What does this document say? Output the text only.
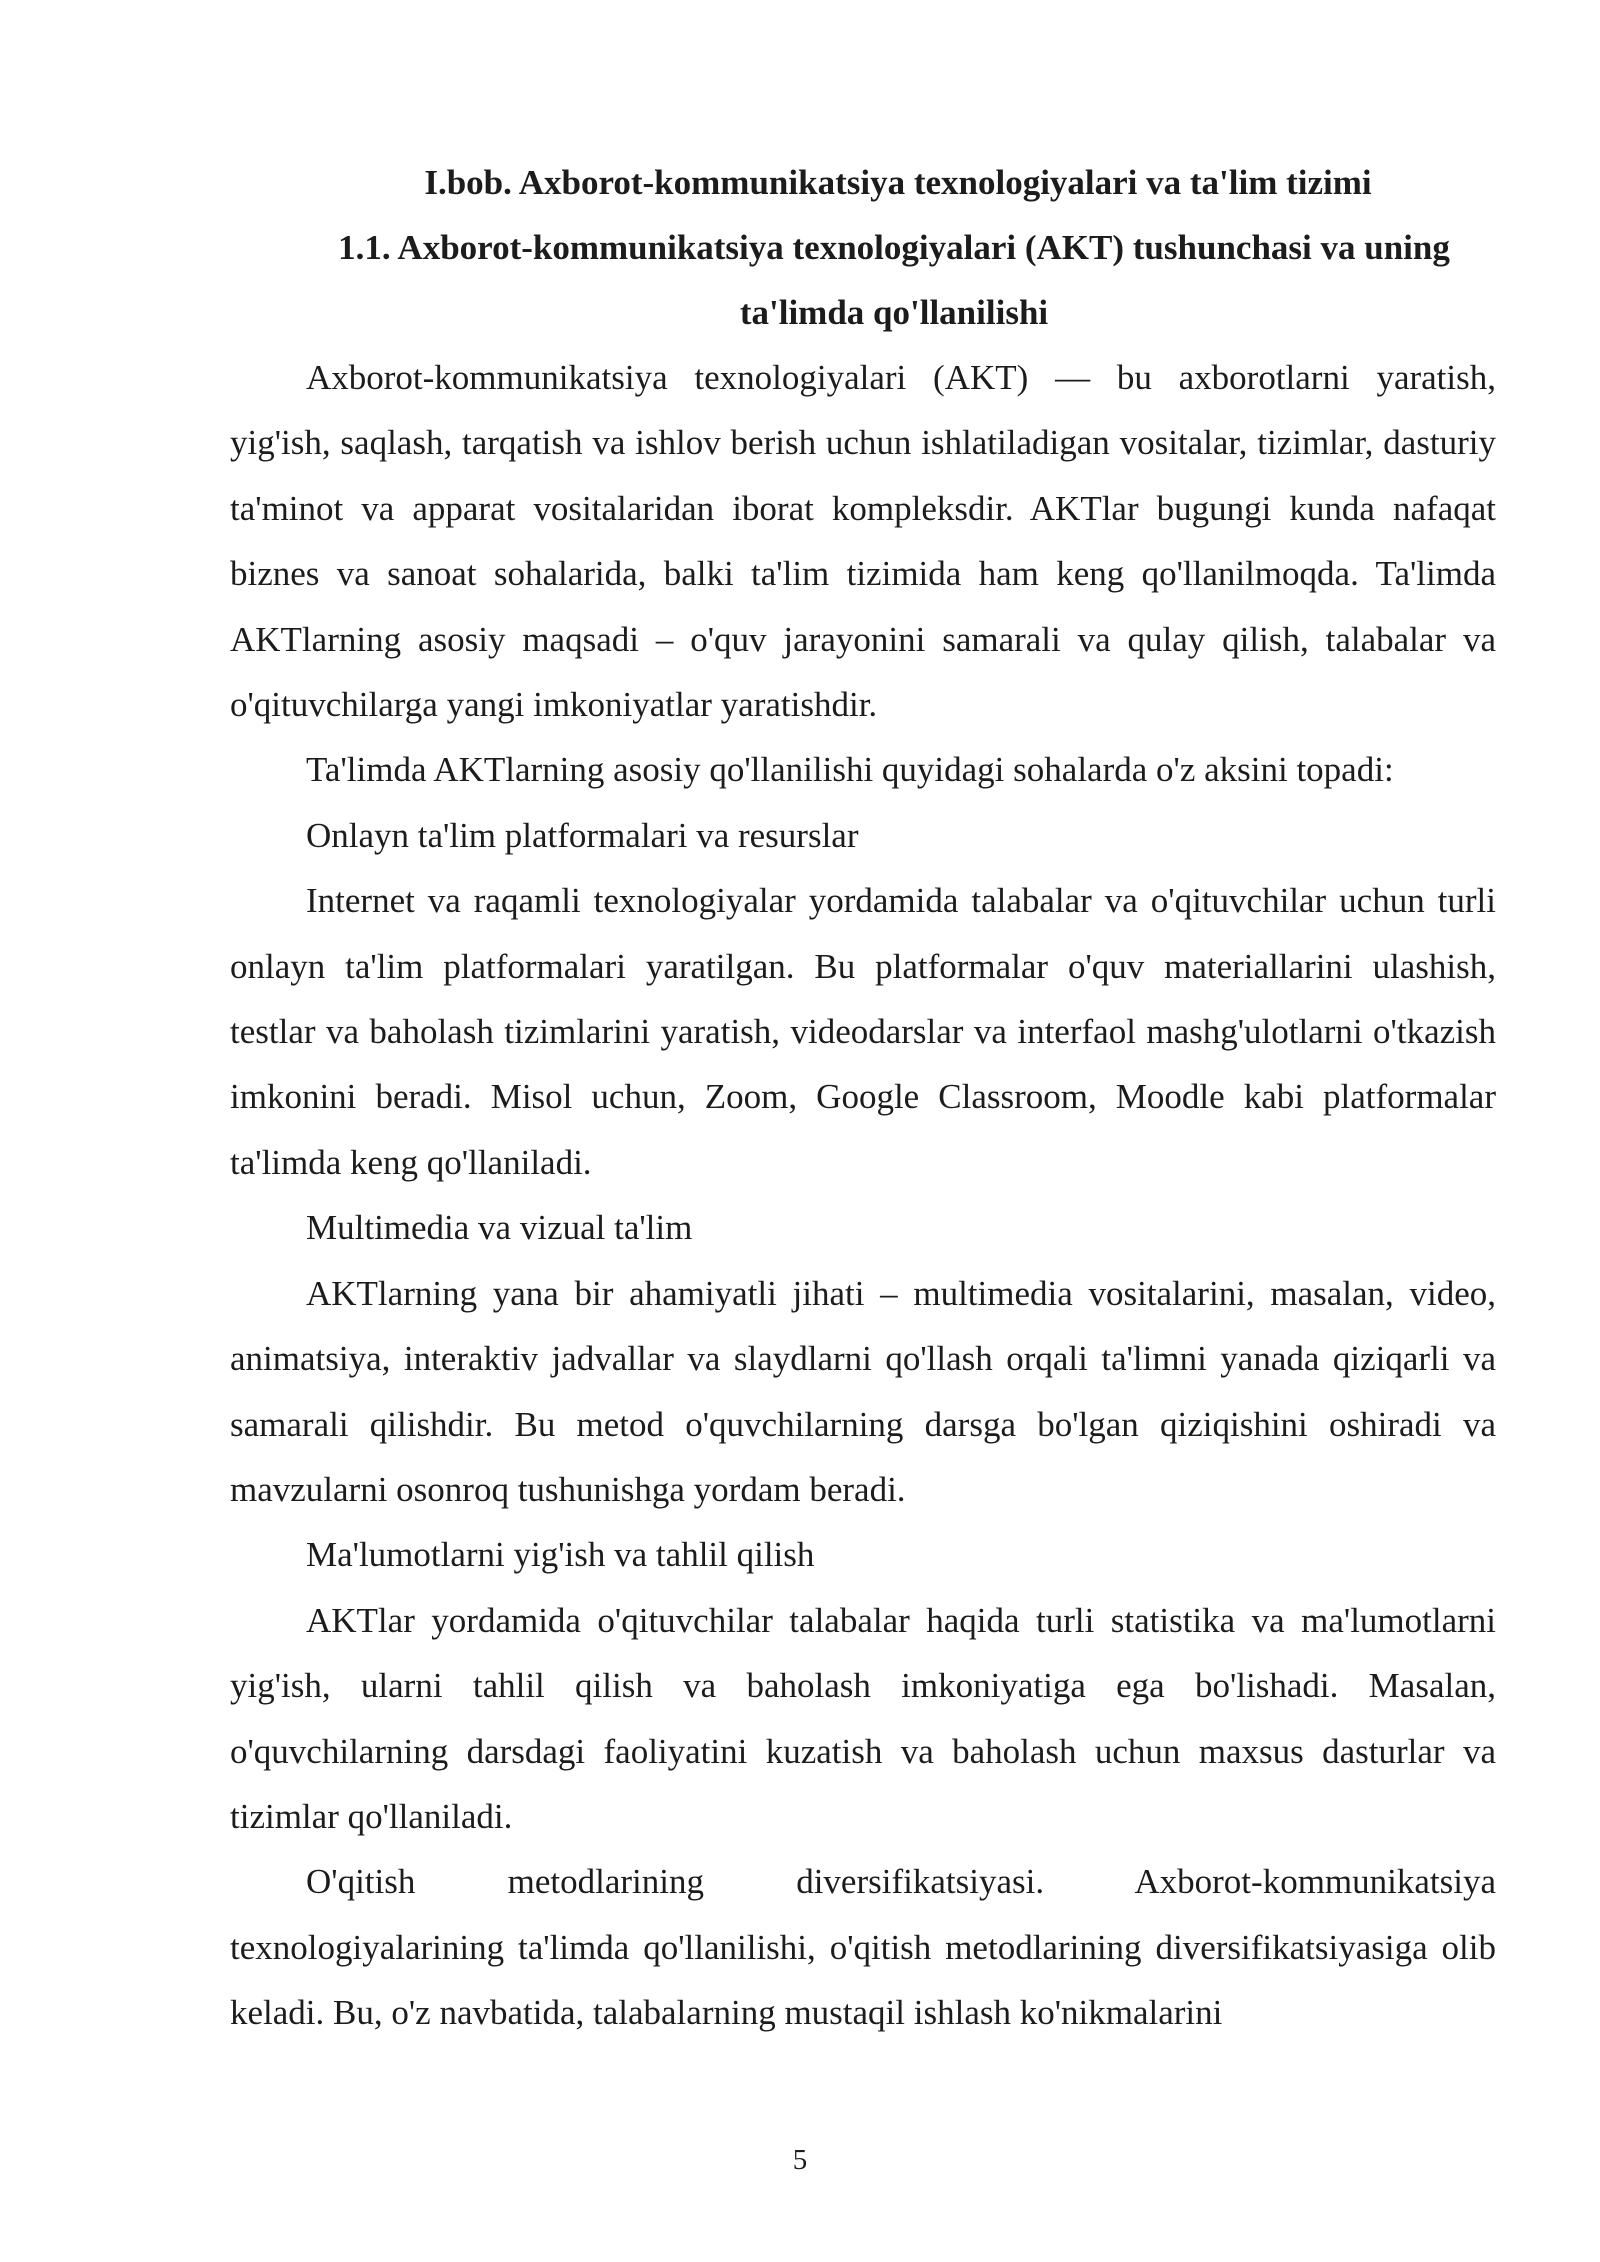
I.bob. Axborot-kommunikatsiya texnologiyalari va ta'lim tizimi
1.1. Axborot-kommunikatsiya texnologiyalari (AKT) tushunchasi va uning ta'limda qo'llanilishi

Axborot-kommunikatsiya texnologiyalari (AKT) — bu axborotlarni yaratish, yig'ish, saqlash, tarqatish va ishlov berish uchun ishlatiladigan vositalar, tizimlar, dasturiy ta'minot va apparat vositalaridan iborat kompleksdir. AKTlar bugungi kunda nafaqat biznes va sanoat sohalarida, balki ta'lim tizimida ham keng qo'llanilmoqda. Ta'limda AKTlarning asosiy maqsadi – o'quv jarayonini samarali va qulay qilish, talabalar va o'qituvchilarga yangi imkoniyatlar yaratishdir.

Ta'limda AKTlarning asosiy qo'llanilishi quyidagi sohalarda o'z aksini topadi:

Onlayn ta'lim platformalari va resurslar

Internet va raqamli texnologiyalar yordamida talabalar va o'qituvchilar uchun turli onlayn ta'lim platformalari yaratilgan. Bu platformalar o'quv materiallarini ulashish, testlar va baholash tizimlarini yaratish, videodarslar va interfaol mashg'ulotlarni o'tkazish imkonini beradi. Misol uchun, Zoom, Google Classroom, Moodle kabi platformalar ta'limda keng qo'llaniladi.

Multimedia va vizual ta'lim

AKTlarning yana bir ahamiyatli jihati – multimedia vositalarini, masalan, video, animatsiya, interaktiv jadvallar va slaydlarni qo'llash orqali ta'limni yanada qiziqarli va samarali qilishdir. Bu metod o'quvchilarning darsga bo'lgan qiziqishini oshiradi va mavzularni osonroq tushunishga yordam beradi.

Ma'lumotlarni yig'ish va tahlil qilish

AKTlar yordamida o'qituvchilar talabalar haqida turli statistika va ma'lumotlarni yig'ish, ularni tahlil qilish va baholash imkoniyatiga ega bo'lishadi. Masalan, o'quvchilarning darsdagi faoliyatini kuzatish va baholash uchun maxsus dasturlar va tizimlar qo'llaniladi.

O'qitish metodlarining diversifikatsiyasi. Axborot-kommunikatsiya texnologiyalarining ta'limda qo'llanilishi, o'qitish metodlarining diversifikatsiyasiga olib keladi. Bu, o'z navbatida, talabalarning mustaqil ishlash ko'nikmalarini

5
